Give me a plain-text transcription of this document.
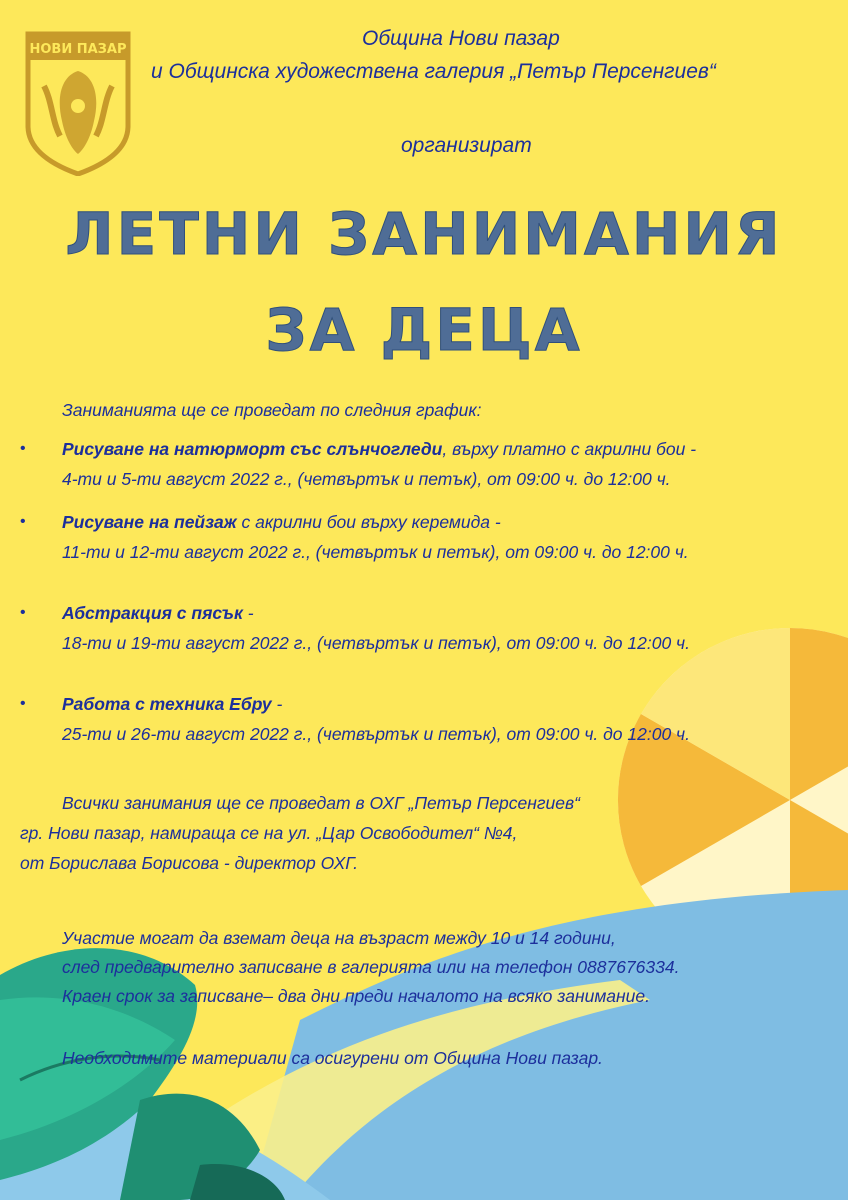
НОВИ ПАЗАР	Община Нови пазар
и Общинска художествена галерия „Петър Персенгиев“
организират
ЛЕТНИ ЗАНИМАНИЯ
ЗА ДЕЦА
Заниманията ще се проведат по следния график:
• Рисуване на натюрморт със слънчогледи, върху платно с акрилни бои -
4-ти и 5-ти август 2022 г., (четвъртък и петък), от 09:00 ч. до 12:00 ч.
• Рисуване на пейзаж с акрилни бои върху керемида -
11-ти и 12-ти август 2022 г., (четвъртък и петък), от 09:00 ч. до 12:00 ч.
• Абстракция с пясък -
18-ти и 19-ти август 2022 г., (четвъртък и петък), от 09:00 ч. до 12:00 ч.
• Работа с техника Ебру -
25-ти и 26-ти август 2022 г., (четвъртък и петък), от 09:00 ч. до 12:00 ч.
Всички занимания ще се проведат в ОХГ „Петър Персенгиев“
гр. Нови пазар, намираща се на ул. „Цар Освободител“ №4,
от Борислава Борисова - директор ОХГ.
Участие могат да вземат деца на възраст между 10 и 14 години,
след предварително записване в галерията или на телефон 0887676334.
Краен срок за записване– два дни преди началото на всяко занимание.
Необходимите материали са осигурени от Община Нови пазар.
